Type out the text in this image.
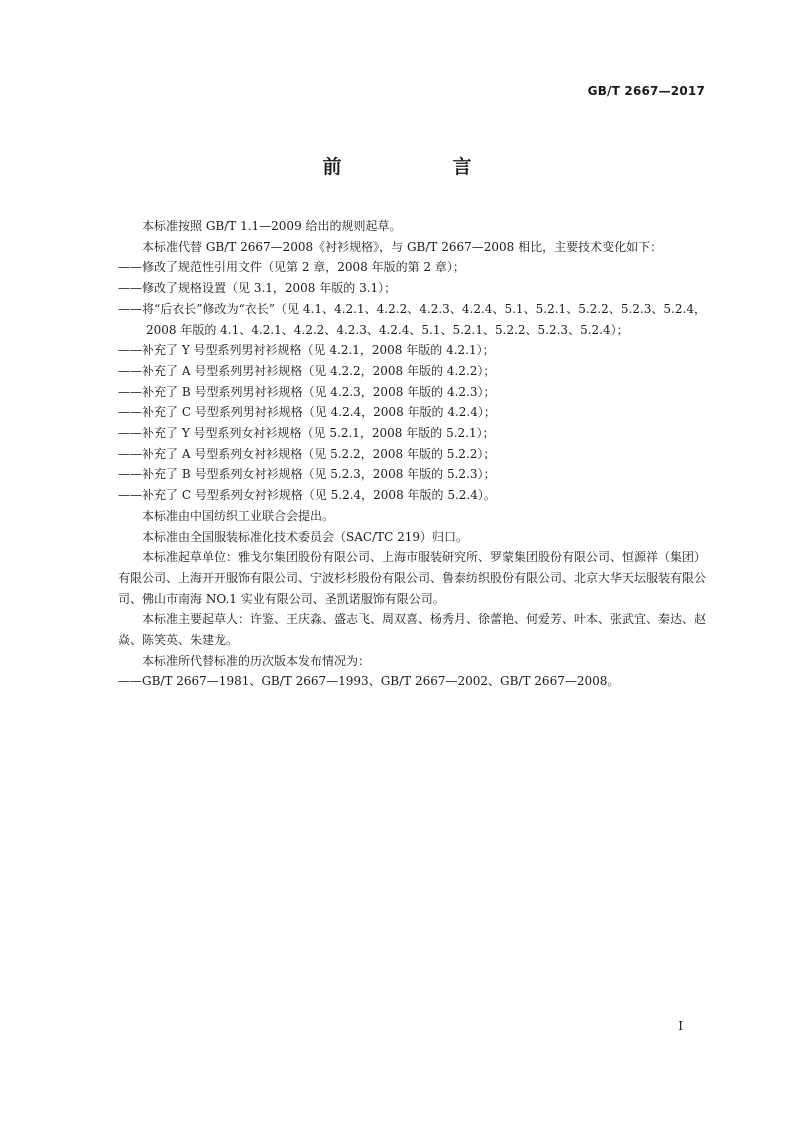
GB/T 2667—2017
前　言

本标准按照 GB/T 1.1—2009 给出的规则起草。

本标准代替 GB/T 2667—2008《衬衫规格》，与 GB/T 2667—2008 相比，主要技术变化如下：

——修改了规范性引用文件（见第 2 章，2008 年版的第 2 章）；

——修改了规格设置（见 3.1，2008 年版的 3.1）；

——将“后衣长”修改为“衣长”（见 4.1、4.2.1、4.2.2、4.2.3、4.2.4、5.1、5.2.1、5.2.2、5.2.3、5.2.4，2008 年版的 4.1、4.2.1、4.2.2、4.2.3、4.2.4、5.1、5.2.1、5.2.2、5.2.3、5.2.4）；

——补充了 Y 号型系列男衬衫规格（见 4.2.1，2008 年版的 4.2.1）；

——补充了 A 号型系列男衬衫规格（见 4.2.2，2008 年版的 4.2.2）；

——补充了 B 号型系列男衬衫规格（见 4.2.3，2008 年版的 4.2.3）；

——补充了 C 号型系列男衬衫规格（见 4.2.4，2008 年版的 4.2.4）；

——补充了 Y 号型系列女衬衫规格（见 5.2.1，2008 年版的 5.2.1）；

——补充了 A 号型系列女衬衫规格（见 5.2.2，2008 年版的 5.2.2）；

——补充了 B 号型系列女衬衫规格（见 5.2.3，2008 年版的 5.2.3）；

——补充了 C 号型系列女衬衫规格（见 5.2.4，2008 年版的 5.2.4）。

本标准由中国纺织工业联合会提出。

本标准由全国服装标准化技术委员会（SAC/TC 219）归口。

本标准起草单位：雅戈尔集团股份有限公司、上海市服装研究所、罗蒙集团股份有限公司、恒源祥（集团）有限公司、上海开开服饰有限公司、宁波杉杉股份有限公司、鲁泰纺织股份有限公司、北京大华天坛服装有限公司、佛山市南海 NO.1 实业有限公司、圣凯诺服饰有限公司。

本标准主要起草人：许鉴、王庆淼、盛志飞、周双喜、杨秀月、徐蕾艳、何爱芳、叶本、张武宜、秦达、赵焱、陈笑英、朱建龙。

本标准所代替标准的历次版本发布情况为：

——GB/T 2667—1981、GB/T 2667—1993、GB/T 2667—2002、GB/T 2667—2008。

I
